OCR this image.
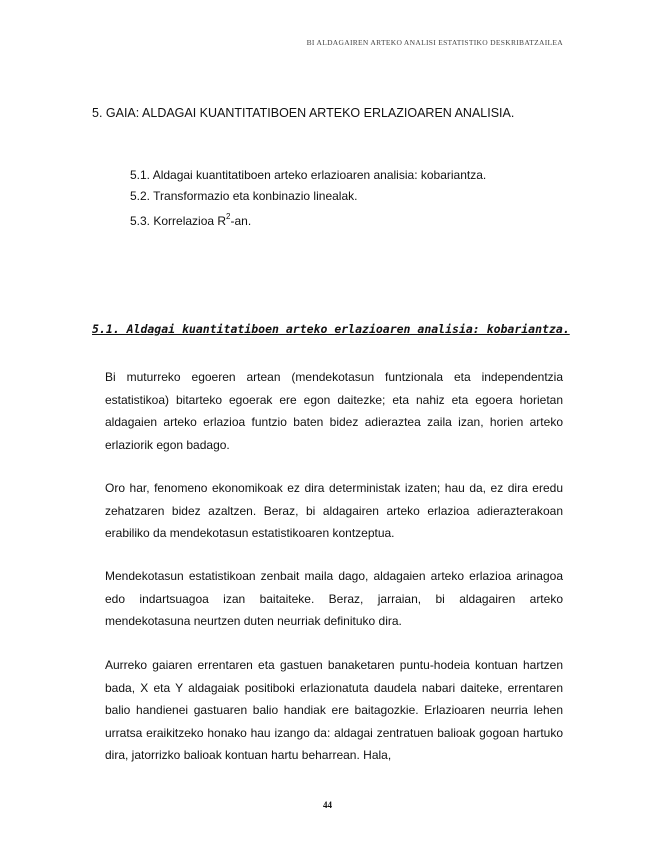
BI ALDAGAIREN ARTEKO ANALISI ESTATISTIKO DESKRIBATZAILEA
5. GAIA: ALDAGAI KUANTITATIBOEN ARTEKO ERLAZIOAREN ANALISIA.
5.1. Aldagai kuantitatiboen arteko erlazioaren analisia: kobariantza.
5.2. Transformazio eta konbinazio linealak.
5.3. Korrelazioa $R^2-an$.
5.1. Aldagai kuantitatiboen arteko erlazioaren analisia: kobariantza.

Bi muturreko egoeren artean (mendekotasun funtzionala eta independentzia estatistikoa) bitarteko egoerak ere egon daitezke; eta nahiz eta egoera horietan aldagaien arteko erlazioa funtzio baten bidez adieraztea zaila izan, horien arteko erlaziorik egon badago.

Oro har, fenomeno ekonomikoak ez dira deterministak izaten; hau da, ez dira eredu zehatzaren bidez azaltzen. Beraz, bi aldagairen arteko erlazioa adierazterakoan erabiliko da mendekotasun estatistikoaren kontzeptua.

Mendekotasun estatistikoan zenbait maila dago, aldagaien arteko erlazioa arinagoa edo indartsuagoa izan baitaiteke. Beraz, jarraian, bi aldagairen arteko mendekotasuna neurtzen duten neurriak definituko dira.

Aurreko gaiaren errentaren eta gastuen banaketaren puntu-hodeia kontuan hartzen bada, X eta Y aldagaiak positiboki erlazionatuta daudela nabari daiteke, errentaren balio handienei gastuaren balio handiak ere baitagozkie. Erlazioaren neurria lehen urratsa eraikitzeko honako hau izango da: aldagai zentratuen balioak gogoan hartuko dira, jatorrizko balioak kontuan hartu beharrean. Hala,

44
